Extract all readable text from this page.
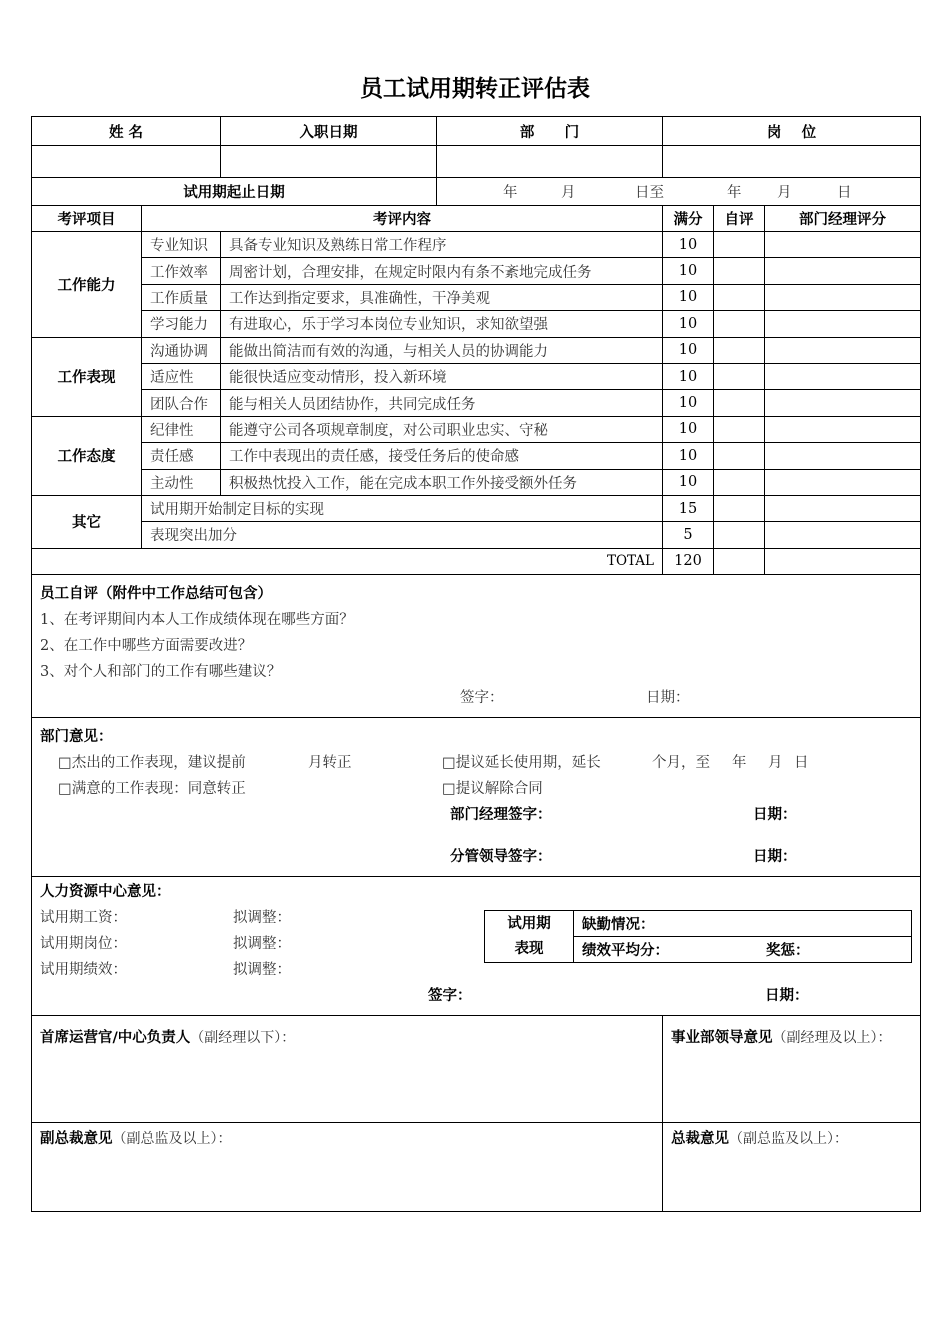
员工试用期转正评估表
姓 名	入职日期	部      门	岗    位

试用期起止日期	年	月	日至	年 月	日
考评项目	考评内容	满分	自评	部门经理评分
工作能力	专业知识	具备专业知识及熟练日常工作程序	10		
工作效率	周密计划，合理安排，在规定时限内有条不紊地完成任务	10		
工作质量	工作达到指定要求，具准确性，干净美观	10		
学习能力	有进取心，乐于学习本岗位专业知识，求知欲望强	10		
工作表现	沟通协调	能做出简洁而有效的沟通，与相关人员的协调能力	10		
适应性	能很快适应变动情形，投入新环境	10		
团队合作	能与相关人员团结协作，共同完成任务	10		
工作态度	纪律性	能遵守公司各项规章制度，对公司职业忠实、守秘	10		
责任感	工作中表现出的责任感，接受任务后的使命感	10		
主动性	积极热忱投入工作，能在完成本职工作外接受额外任务	10		
其它	试用期开始制定目标的实现	15		
表现突出加分	5		
TOTAL	120		

员工自评（附件中工作总结可包含）
1、在考评期间内本人工作成绩体现在哪些方面？
2、在工作中哪些方面需要改进？
3、对个人和部门的工作有哪些建议？
签字：	日期：

部门意见：
□杰出的工作表现，建议提前	月转正	□提议延长使用期，延长	个月，至 年 月 日
□满意的工作表现：同意转正	□提议解除合同
部门经理签字：	日期：
分管领导签字：	日期：

人力资源中心意见：
试用期工资：	拟调整：
试用期岗位：	拟调整：
试用期绩效：	拟调整：
试用期
表现	缺勤情况：
绩效平均分：	奖惩：
签字：	日期：

首席运营官/中心负责人（副经理以下）：	事业部领导意见（副经理及以上）：
副总裁意见（副总监及以上）：	总裁意见（副总监及以上）：
